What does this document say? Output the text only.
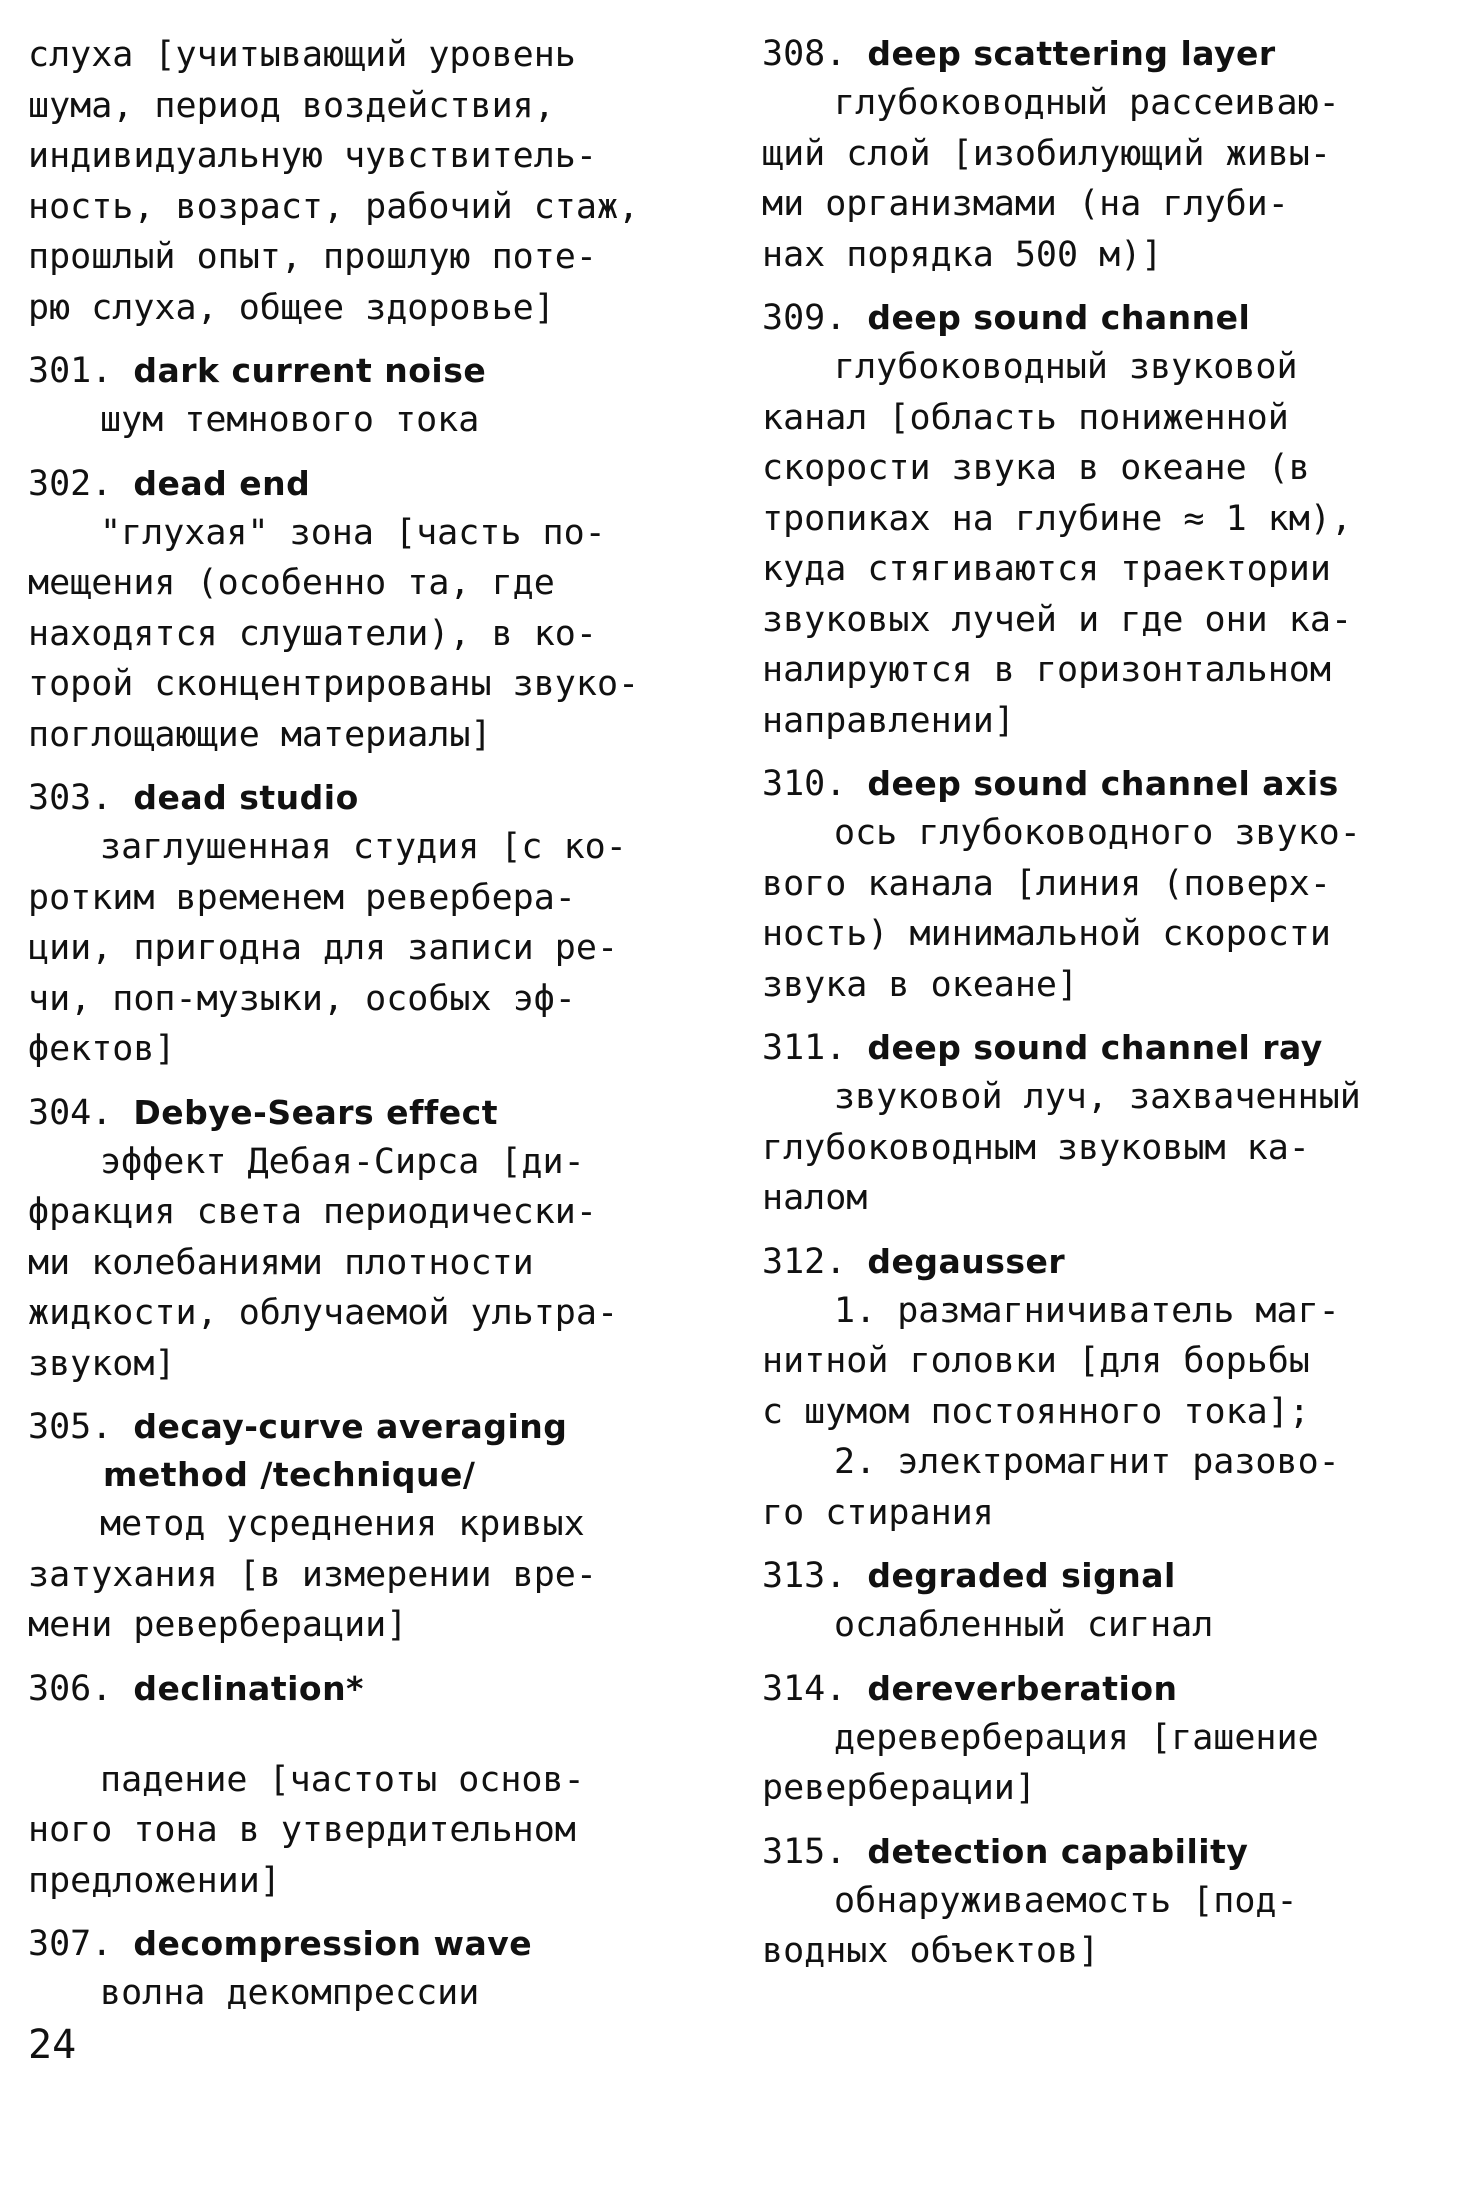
слуха [учитывающий уровень

шума, период воздействия,

индивидуальную чувствитель-

ность, возраст, рабочий стаж,

прошлый опыт, прошлую поте-

рю слуха, общее здоровье]

301. dark current noise

шум темнового тока

302. dead end

"глухая" зона [часть по-

мещения (особенно та, где

находятся слушатели), в ко-

торой сконцентрированы звуко-

поглощающие материалы]

303. dead studio

заглушенная студия [с ко-

ротким временем ревербера-

ции, пригодна для записи ре-

чи, поп-музыки, особых эф-

фектов]

304. Debye-Sears effect

эффект Дебая-Сирса [ди-

фракция света периодически-

ми колебаниями плотности

жидкости, облучаемой ультра-

звуком]

305. decay-curve averaging
method /technique/

метод усреднения кривых

затухания [в измерении вре-

мени реверберации]

306. declination*

падение [частоты основ-

ного тона в утвердительном

предложении]

307. decompression wave

волна декомпрессии

308. deep scattering layer

глубоководный рассеиваю-

щий слой [изобилующий живы-

ми организмами (на глуби-

нах порядка 500 м)]

309. deep sound channel

глубоководный звуковой

канал [область пониженной

скорости звука в океане (в

тропиках на глубине ≈ 1 км),

куда стягиваются траектории

звуковых лучей и где они ка-

налируются в горизонтальном

направлении]

310. deep sound channel axis

ось глубоководного звуко-

вого канала [линия (повeрх-

ность) минимальной скорости

звука в океане]

311. deep sound channel ray

звуковой луч, захваченный

глубоководным звуковым ка-

налом

312. degausser

1. размагничиватель маг-

нитной головки [для борьбы

с шумом постоянного тока];

2. электромагнит разово-

го стирания

313. degraded signal

ослабленный сигнал

314. dereverberation

дереверберация [гашение

реверберации]

315. detection capability

обнаруживаемость [под-

водных объектов]

24
